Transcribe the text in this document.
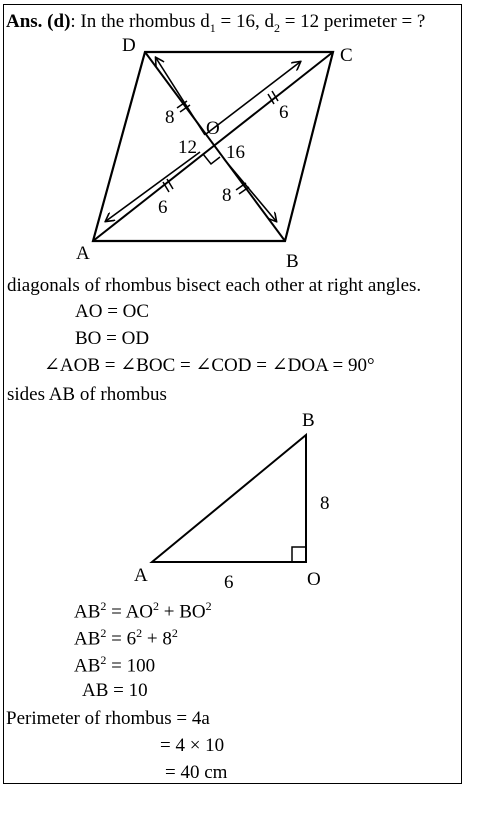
Ans. (d): In the rhombus $d_1 = 16$, $d_2 = 12$ perimeter = ?
D	C
A	B
O
8	6
6
8
12 16
B
A	O
6
8
diagonals of rhombus bisect each other at right angles.
AO = OC
BO = OD
∠AOB = ∠BOC = ∠COD = ∠DOA = 90°
sides AB of rhombus
$AB^2 = AO^2 + BO^2$
$AB^2 = 6^2 + 8^2$
$AB^2 = 100$
AB = 10
Perimeter of rhombus = 4a
= 4 × 10
= 40 cm
